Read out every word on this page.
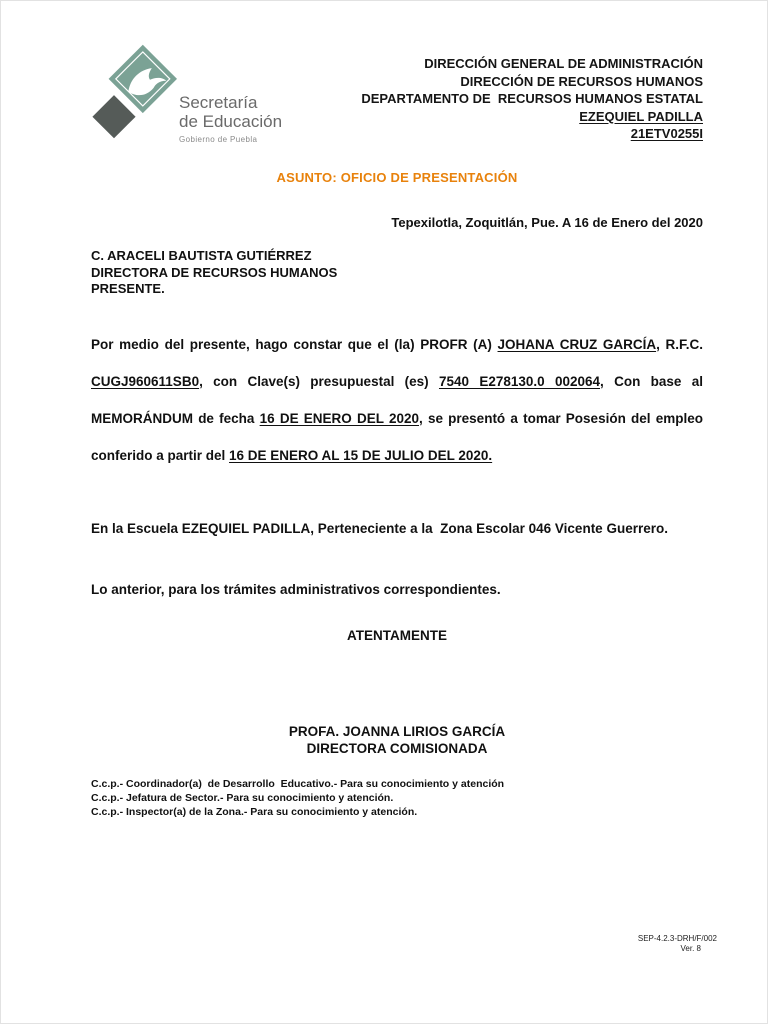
Secretaría
de Educación
Gobierno de Puebla
DIRECCIÓN GENERAL DE ADMINISTRACIÓN
DIRECCIÓN DE RECURSOS HUMANOS
DEPARTAMENTO DE  RECURSOS HUMANOS ESTATAL
EZEQUIEL PADILLA
21ETV0255I
ASUNTO: OFICIO DE PRESENTACIÓN
Tepexilotla, Zoquitlán, Pue. A 16 de Enero del 2020
C. ARACELI BAUTISTA GUTIÉRREZ
DIRECTORA DE RECURSOS HUMANOS
PRESENTE.

Por medio del presente, hago constar que el (la) PROFR (A) JOHANA CRUZ GARCÍA, R.F.C. CUGJ960611SB0, con Clave(s) presupuestal (es) 7540 E278130.0 002064, Con base al MEMORÁNDUM de fecha 16 DE ENERO DEL 2020, se presentó a tomar Posesión del empleo conferido a partir del 16 DE ENERO AL 15 DE JULIO DEL 2020.

En la Escuela EZEQUIEL PADILLA, Perteneciente a la  Zona Escolar 046 Vicente Guerrero.

Lo anterior, para los trámites administrativos correspondientes.

ATENTAMENTE
PROFA. JOANNA LIRIOS GARCÍA
DIRECTORA COMISIONADA
C.c.p.- Coordinador(a)  de Desarrollo  Educativo.- Para su conocimiento y atención
C.c.p.- Jefatura de Sector.- Para su conocimiento y atención.
C.c.p.- Inspector(a) de la Zona.- Para su conocimiento y atención.
SEP-4.2.3-DRH/F/002
Ver. 8
